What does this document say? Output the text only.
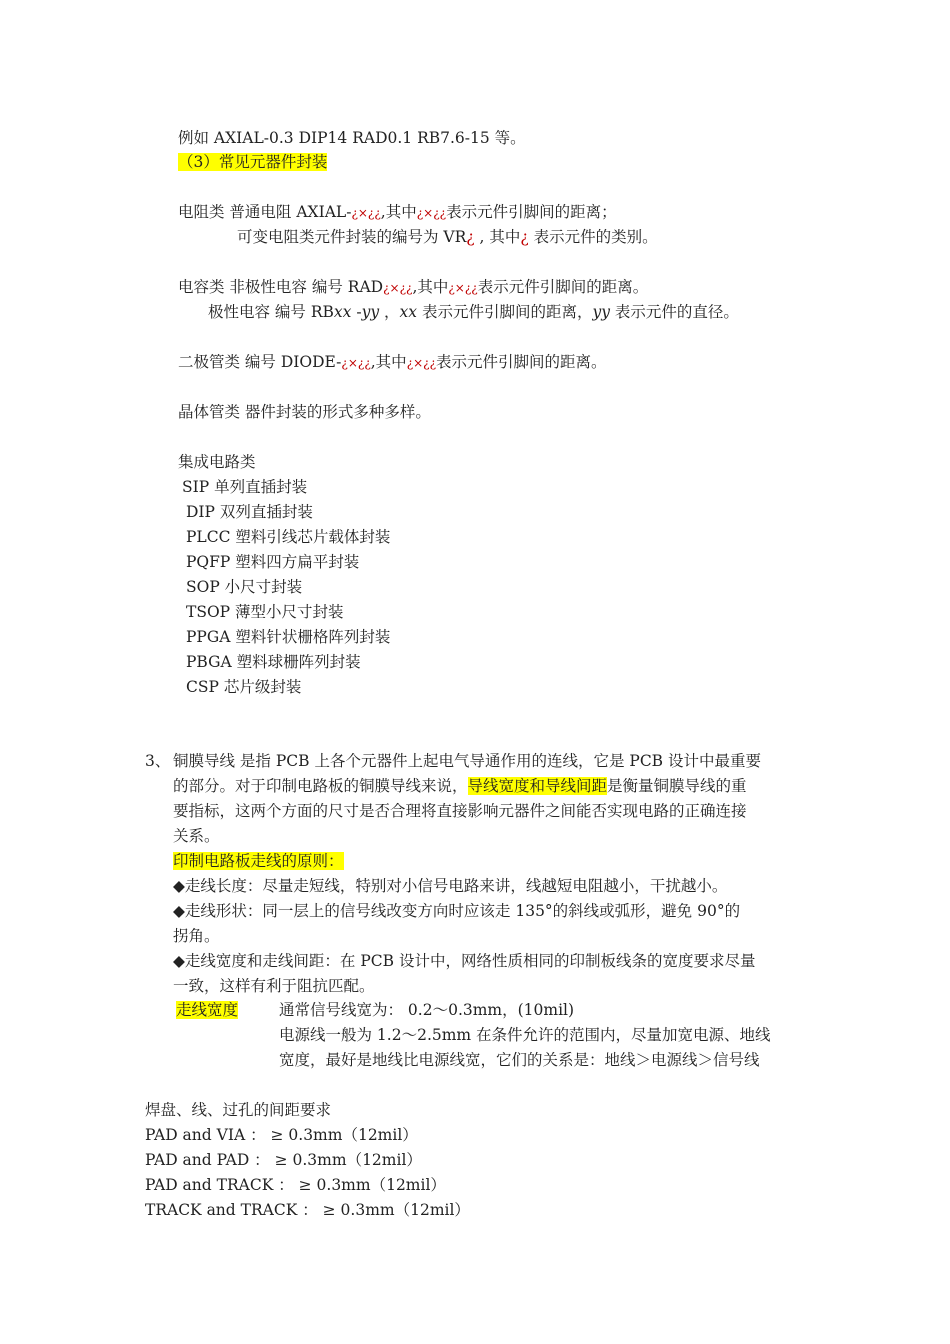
例如 AXIAL-0.3 DIP14 RAD0.1 RB7.6-15 等。
（3）常见元器件封装
电阻类 普通电阻 AXIAL-¿×¿¿,其中¿×¿¿表示元件引脚间的距离；
可变电阻类元件封装的编号为 VR¿ , 其中¿ 表示元件的类别。
电容类 非极性电容 编号 RAD¿×¿¿,其中¿×¿¿表示元件引脚间的距离。
极性电容 编号 RBxx -yy ，xx 表示元件引脚间的距离，yy 表示元件的直径。
二极管类 编号 DIODE-¿×¿¿,其中¿×¿¿表示元件引脚间的距离。
晶体管类 器件封装的形式多种多样。
集成电路类
SIP 单列直插封装
DIP 双列直插封装
PLCC 塑料引线芯片载体封装
PQFP 塑料四方扁平封装
SOP 小尺寸封装
TSOP 薄型小尺寸封装
PPGA 塑料针状栅格阵列封装
PBGA 塑料球栅阵列封装
CSP 芯片级封装
3、 铜膜导线 是指 PCB 上各个元器件上起电气导通作用的连线，它是 PCB 设计中最重要
的部分。对于印制电路板的铜膜导线来说，导线宽度和导线间距是衡量铜膜导线的重
要指标，这两个方面的尺寸是否合理将直接影响元器件之间能否实现电路的正确连接
关系。
印制电路板走线的原则：
◆走线长度：尽量走短线，特别对小信号电路来讲，线越短电阻越小，干扰越小。
◆走线形状：同一层上的信号线改变方向时应该走 135°的斜线或弧形，避免 90°的
拐角。
◆走线宽度和走线间距：在 PCB 设计中，网络性质相同的印制板线条的宽度要求尽量
一致，这样有利于阻抗匹配。
走线宽度	通常信号线宽为： 0.2～0.3mm，(10mil)
电源线一般为 1.2～2.5mm 在条件允许的范围内，尽量加宽电源、地线
宽度，最好是地线比电源线宽，它们的关系是：地线＞电源线＞信号线
焊盘、线、过孔的间距要求
PAD and VIA ： ≥ 0.3mm（12mil）
PAD and PAD ： ≥ 0.3mm（12mil）
PAD and TRACK ： ≥ 0.3mm（12mil）
TRACK and TRACK ： ≥ 0.3mm（12mil）
